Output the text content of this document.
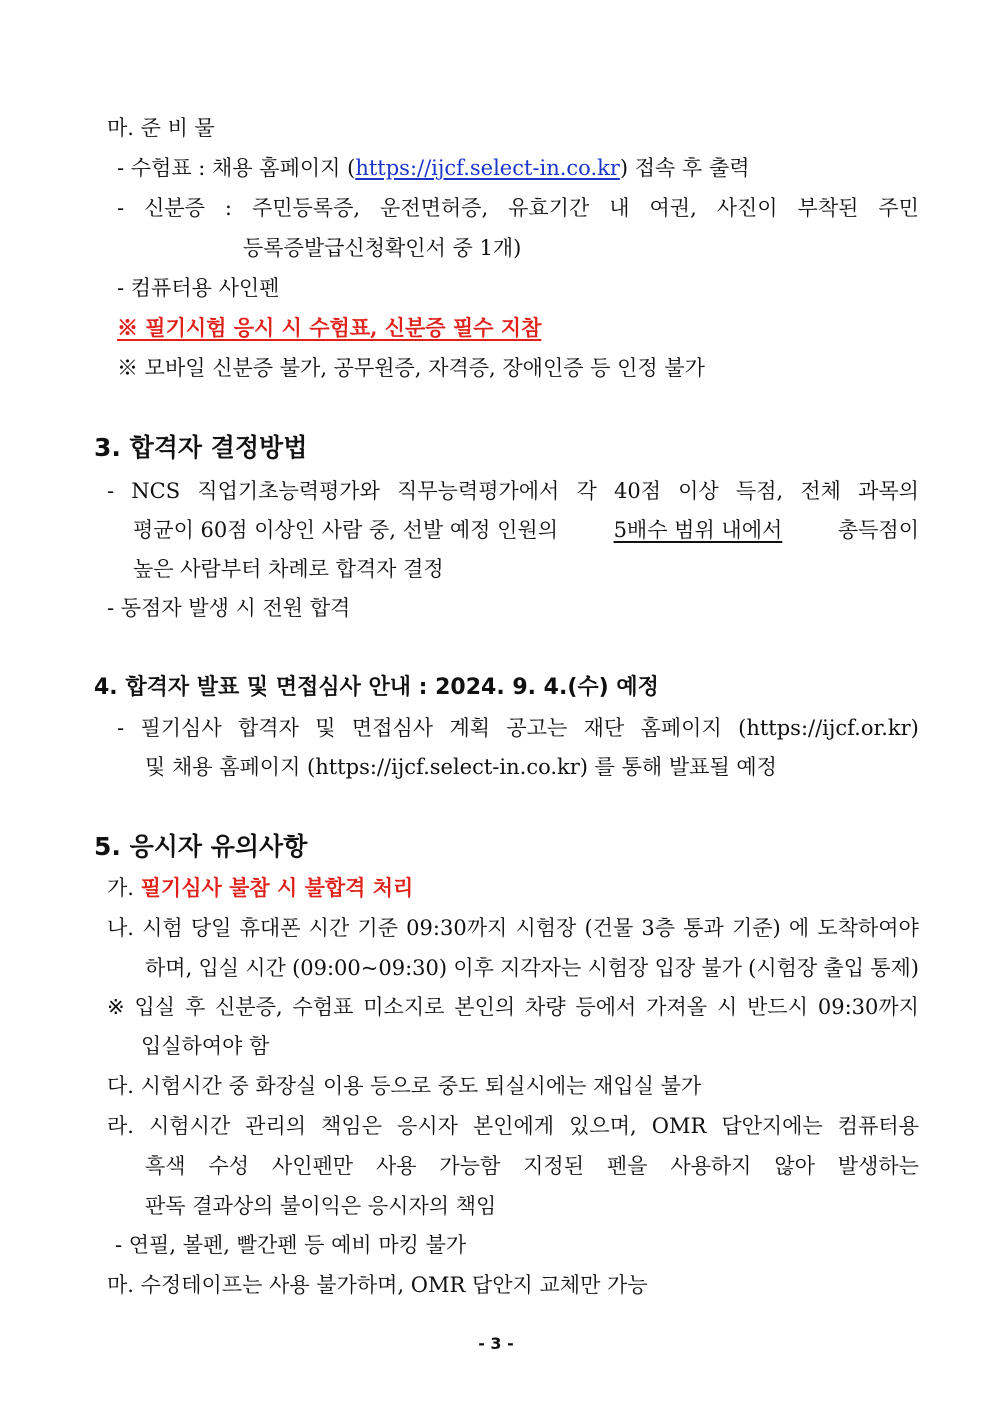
마. 준 비 물
- 수험표 : 채용 홈페이지 (https://ijcf.select-in.co.kr) 접속 후 출력
- 신분증 : 주민등록증, 운전면허증, 유효기간 내 여권, 사진이 부착된 주민
등록증발급신청확인서 중 1개)
- 컴퓨터용 사인펜
※ 필기시험 응시 시 수험표, 신분증 필수 지참
※ 모바일 신분증 불가, 공무원증, 자격증, 장애인증 등 인정 불가
3. 합격자 결정방법
- NCS 직업기초능력평가와 직무능력평가에서 각 40점 이상 득점, 전체 과목의
평균이 60점 이상인 사람 중, 선발 예정 인원의	5배수 범위 내에서	총득점이
높은 사람부터 차례로 합격자 결정
- 동점자 발생 시 전원 합격
4. 합격자 발표 및 면접심사 안내 : 2024. 9. 4.(수) 예정
- 필기심사 합격자 및 면접심사 계획 공고는 재단 홈페이지 (https://ijcf.or.kr)
및 채용 홈페이지 (https://ijcf.select-in.co.kr) 를 통해 발표될 예정
5. 응시자 유의사항
가. 필기심사 불참 시 불합격 처리
나. 시험 당일 휴대폰 시간 기준 09:30까지 시험장 (건물 3층 통과 기준) 에 도착하여야
하며, 입실 시간 (09:00~09:30) 이후 지각자는 시험장 입장 불가 (시험장 출입 통제)
※ 입실 후 신분증, 수험표 미소지로 본인의 차량 등에서 가져올 시 반드시 09:30까지
입실하여야 함
다. 시험시간 중 화장실 이용 등으로 중도 퇴실시에는 재입실 불가
라. 시험시간 관리의 책임은 응시자 본인에게 있으며, OMR 답안지에는 컴퓨터용
흑색 수성 사인펜만 사용 가능함 지정된 펜을 사용하지 않아 발생하는
판독 결과상의 불이익은 응시자의 책임
- 연필, 볼펜, 빨간펜 등 예비 마킹 불가
마. 수정테이프는 사용 불가하며, OMR 답안지 교체만 가능
- 3 -
